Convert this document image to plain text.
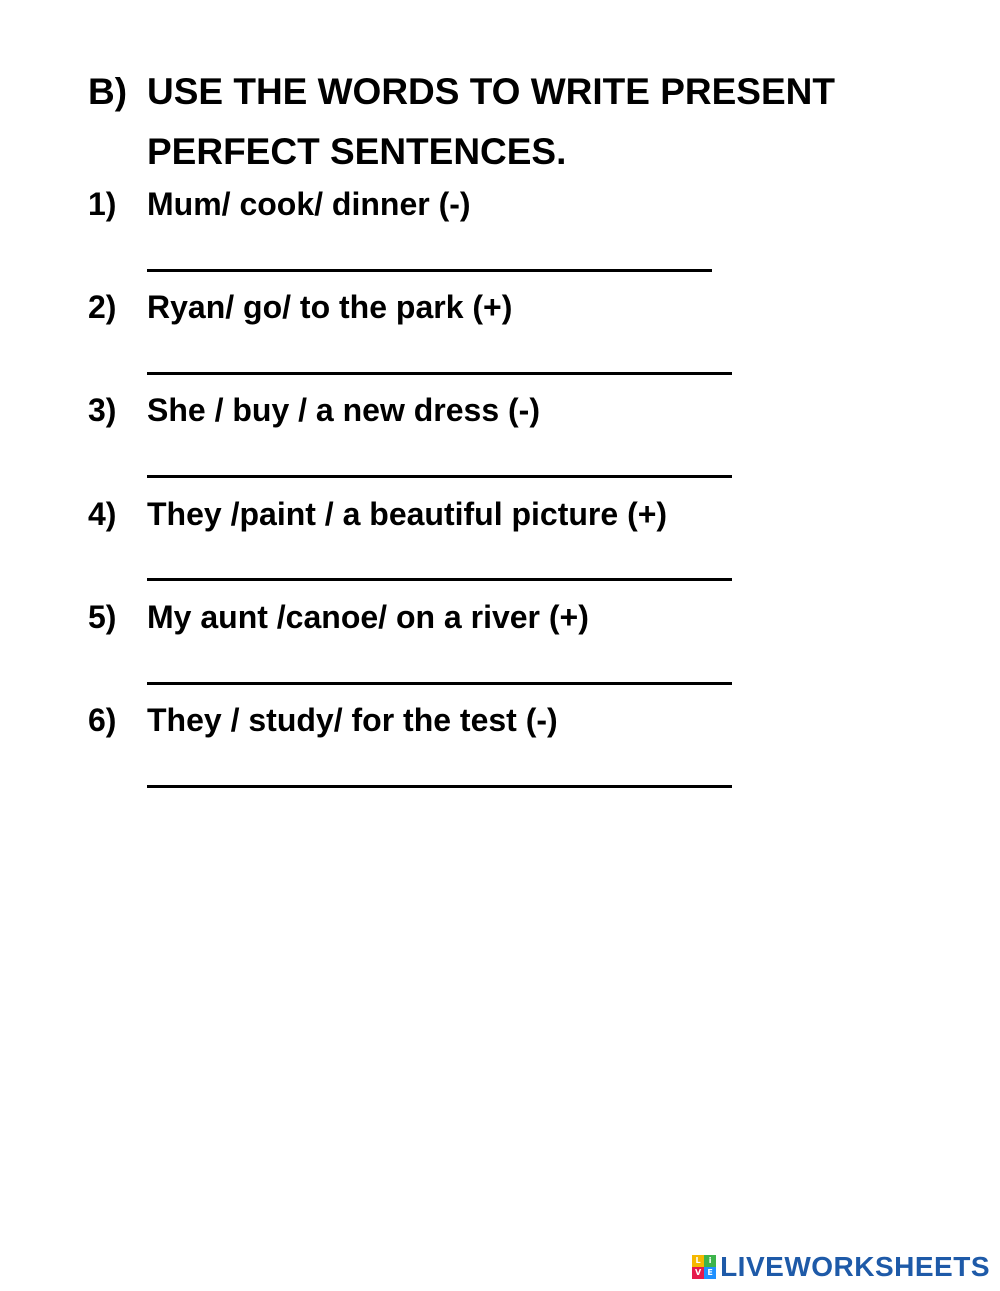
B) USE THE WORDS TO WRITE PRESENT PERFECT SENTENCES.
1) Mum/ cook/ dinner (-)
2) Ryan/ go/ to the park (+)
3) She / buy / a new dress (-)
4) They /paint / a beautiful picture (+)
5) My aunt /canoe/ on a river (+)
6) They / study/ for the test (-)
L	i
V E LIVEWORKSHEETS
